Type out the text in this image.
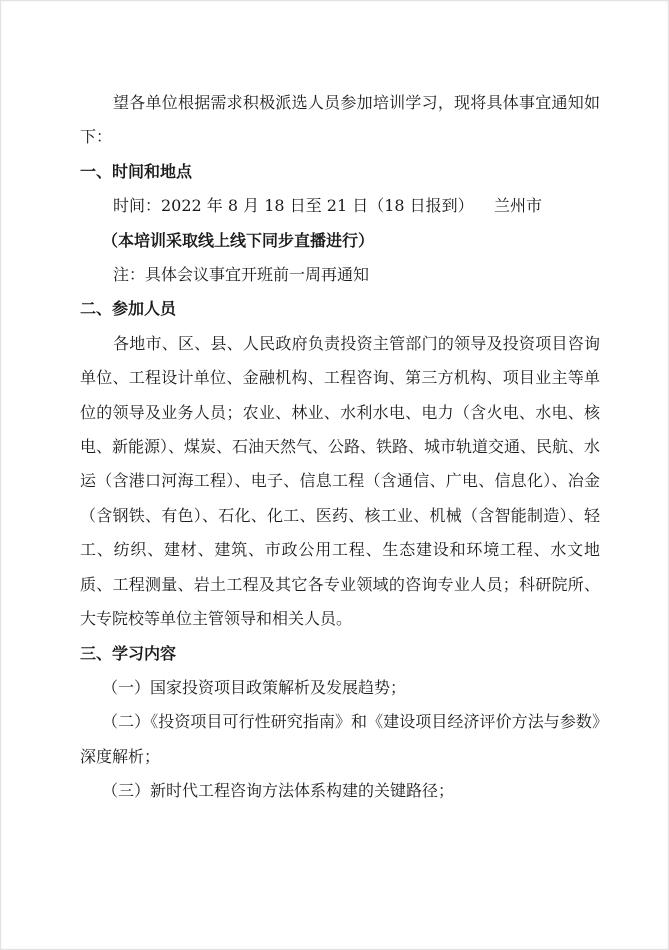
望各单位根据需求积极派选人员参加培训学习，现将具体事宜通知如下：

一、时间和地点

时间：2022 年 8 月 18 日至 21 日（18 日报到）    兰州市

（本培训采取线上线下同步直播进行）

注：具体会议事宜开班前一周再通知

二、参加人员

各地市、区、县、人民政府负责投资主管部门的领导及投资项目咨询单位、工程设计单位、金融机构、工程咨询、第三方机构、项目业主等单位的领导及业务人员；农业、林业、水利水电、电力（含火电、水电、核电、新能源）、煤炭、石油天然气、公路、铁路、城市轨道交通、民航、水运（含港口河海工程）、电子、信息工程（含通信、广电、信息化）、冶金（含钢铁、有色）、石化、化工、医药、核工业、机械（含智能制造）、轻工、纺织、建材、建筑、市政公用工程、生态建设和环境工程、水文地质、工程测量、岩土工程及其它各专业领域的咨询专业人员；科研院所、大专院校等单位主管领导和相关人员。

三、学习内容

（一）国家投资项目政策解析及发展趋势；

（二）《投资项目可行性研究指南》和《建设项目经济评价方法与参数》深度解析；

（三）新时代工程咨询方法体系构建的关键路径；
